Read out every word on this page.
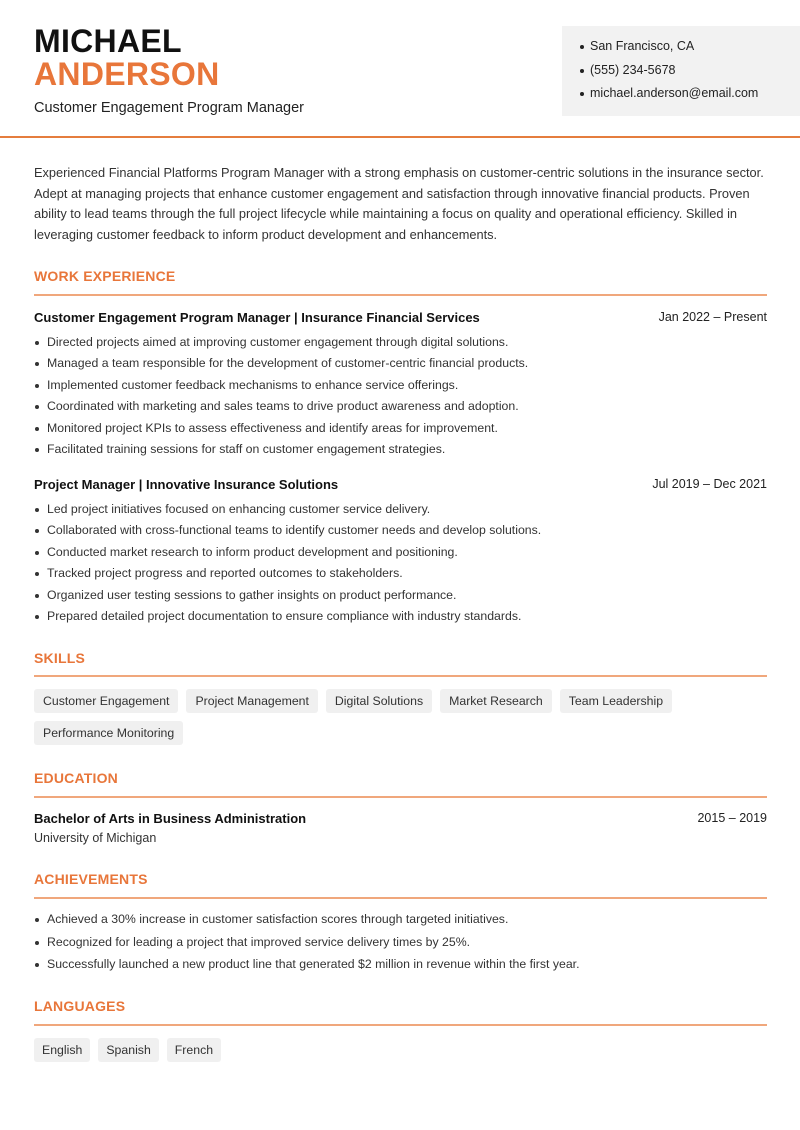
MICHAEL
ANDERSON
Customer Engagement Program Manager
San Francisco, CA
(555) 234-5678
michael.anderson@email.com

Experienced Financial Platforms Program Manager with a strong emphasis on customer-centric solutions in the insurance sector. Adept at managing projects that enhance customer engagement and satisfaction through innovative financial products. Proven ability to lead teams through the full project lifecycle while maintaining a focus on quality and operational efficiency. Skilled in leveraging customer feedback to inform product development and enhancements.

WORK EXPERIENCE
Customer Engagement Program Manager | Insurance Financial Services	Jan 2022 – Present
Directed projects aimed at improving customer engagement through digital solutions.
Managed a team responsible for the development of customer-centric financial products.
Implemented customer feedback mechanisms to enhance service offerings.
Coordinated with marketing and sales teams to drive product awareness and adoption.
Monitored project KPIs to assess effectiveness and identify areas for improvement.
Facilitated training sessions for staff on customer engagement strategies.
Project Manager | Innovative Insurance Solutions	Jul 2019 – Dec 2021
Led project initiatives focused on enhancing customer service delivery.
Collaborated with cross-functional teams to identify customer needs and develop solutions.
Conducted market research to inform product development and positioning.
Tracked project progress and reported outcomes to stakeholders.
Organized user testing sessions to gather insights on product performance.
Prepared detailed project documentation to ensure compliance with industry standards.
SKILLS
Customer Engagement	Project Management	Digital Solutions	Market Research	Team Leadership
Performance Monitoring
EDUCATION
Bachelor of Arts in Business Administration	2015 – 2019
University of Michigan
ACHIEVEMENTS
Achieved a 30% increase in customer satisfaction scores through targeted initiatives.
Recognized for leading a project that improved service delivery times by 25%.
Successfully launched a new product line that generated $2 million in revenue within the first year.
LANGUAGES
English	Spanish	French
